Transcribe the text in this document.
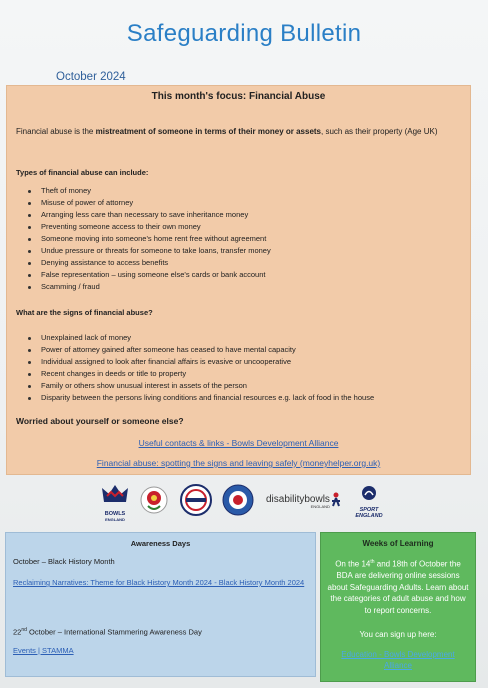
Safeguarding Bulletin
October 2024
This month's focus: Financial Abuse
Financial abuse is the mistreatment of someone in terms of their money or assets, such as their property (Age UK)
Types of financial abuse can include:
Theft of money
Misuse of power of attorney
Arranging less care than necessary to save inheritance money
Preventing someone access to their own money
Someone moving into someone's home rent free without agreement
Undue pressure or threats for someone to take loans, transfer money
Denying assistance to access benefits
False representation – using someone else's cards or bank account
Scamming / fraud
What are the signs of financial abuse?
Unexplained lack of money
Power of attorney gained after someone has ceased to have mental capacity
Individual assigned to look after financial affairs is evasive or uncooperative
Recent changes in deeds or title to property
Family or others show unusual interest in assets of the person
Disparity between the persons living conditions and financial resources e.g. lack of food in the house
Worried about yourself or someone else?
Useful contacts & links - Bowls Development Alliance
Financial abuse: spotting the signs and leaving safely (moneyhelper.org.uk)
BOWLS
ENGLAND
disabilitybowls
ENGLAND
SPORT
ENGLAND
Awareness Days
October – Black History Month
Reclaiming Narratives: Theme for Black History Month 2024 - Black History Month 2024
22nd October – International Stammering Awareness Day
Events | STAMMA
Weeks of Learning
On the 14th and 18th of October the BDA are delivering online sessions about Safeguarding Adults. Learn about the categories of adult abuse and how to report concerns.
You can sign up here:
Education - Bowls Development Alliance
